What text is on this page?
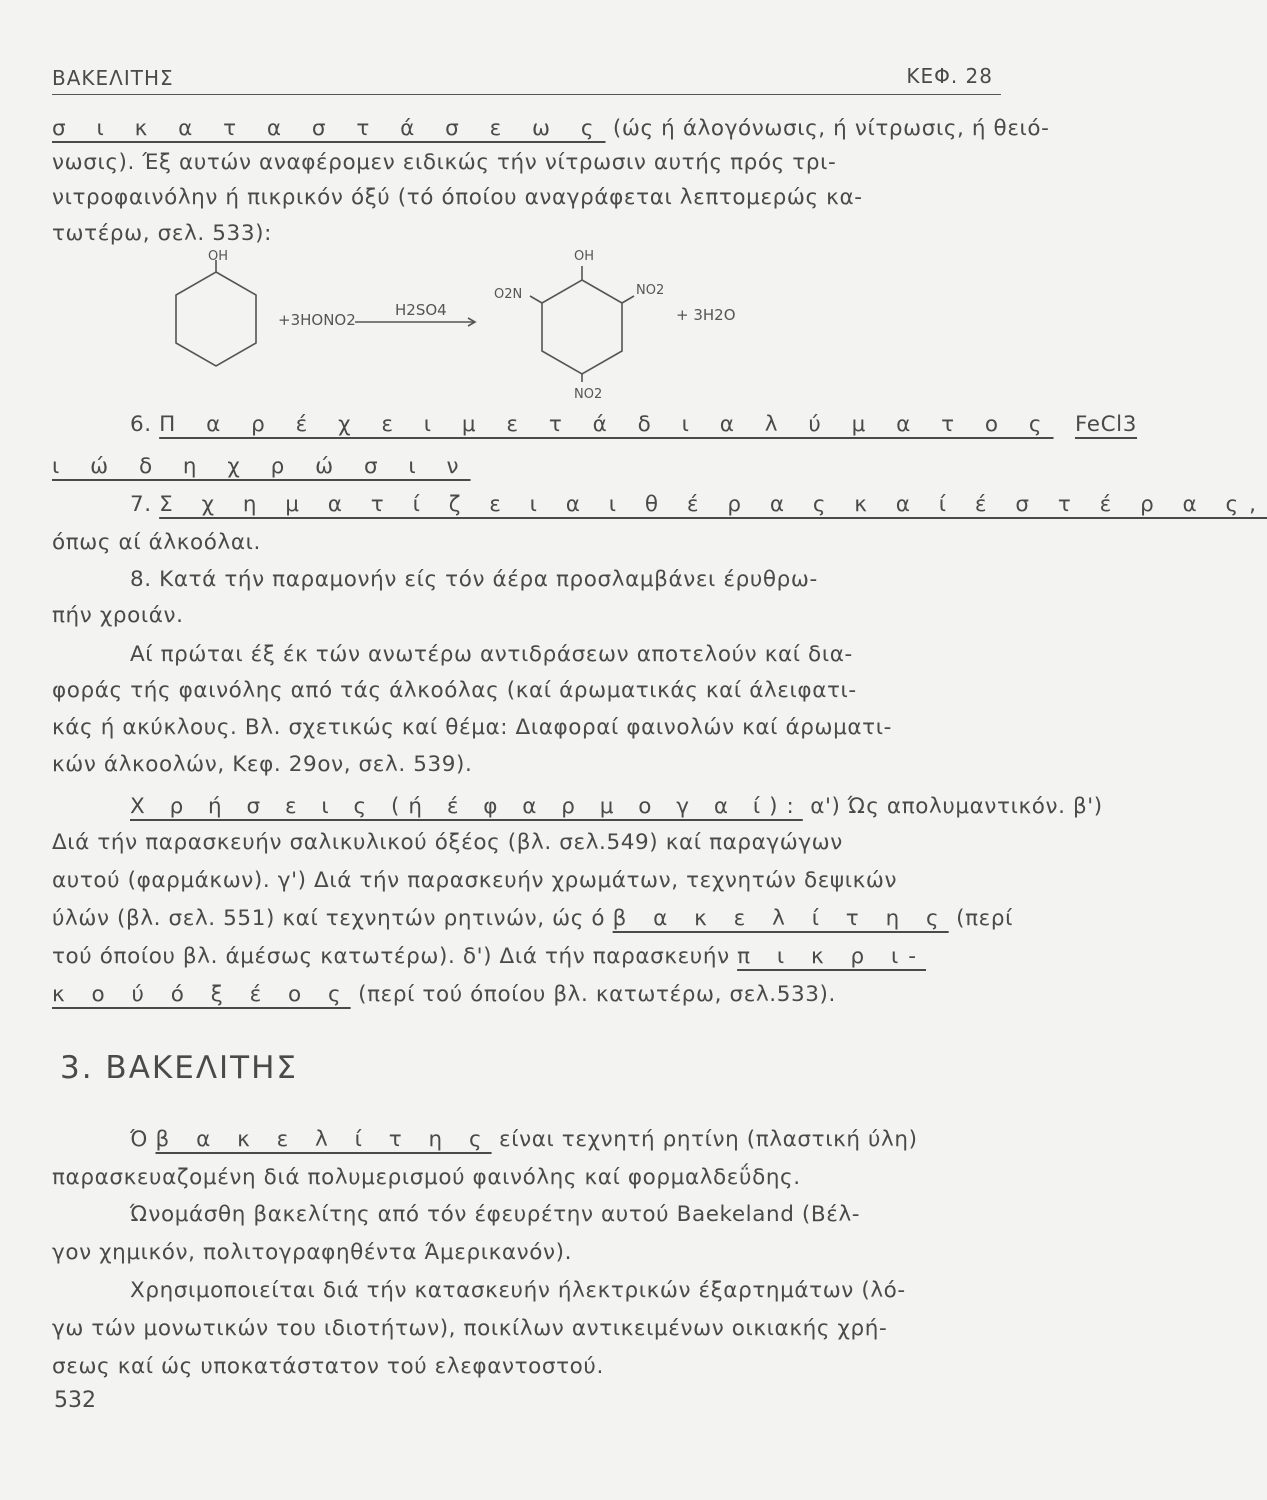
ΒΑΚΕΛΙΤΗΣ	ΚΕΦ. 28
σ ι κ α τ α σ τ ά σ ε ω ς (ώς ή άλογόνωσις, ή νίτρωσις, ή θειό-
νωσις). Έξ αυτών αναφέρομεν ειδικώς τήν νίτρωσιν αυτής πρός τρι-
νιτροφαινόλην ή πικρικόν όξύ (τό όποίου αναγράφεται λεπτομερώς κα-
τωτέρω, σελ. 533):
OH
+3HONO2
H2SO4
OH
O2N	NO2
NO2
+ 3H2O
6. Π α ρ έ χ ε ι μ ε τ ά δ ι α λ ύ μ α τ ο ς FeCl3
ι ώ δ η χ ρ ώ σ ι ν
7. Σ χ η μ α τ ί ζ ε ι α ι θ έ ρ α ς κ α ί έ σ τ έ ρ α ς,
όπως αί άλκοόλαι.
8. Κατά τήν παραμονήν είς τόν άέρα προσλαμβάνει έρυθρω-
πήν χροιάν.
Αί πρώται έξ έκ τών ανωτέρω αντιδράσεων αποτελούν καί δια-
φοράς τής φαινόλης από τάς άλκοόλας (καί άρωματικάς καί άλειφατι-
κάς ή ακύκλους. Βλ. σχετικώς καί θέμα: Διαφοραί φαινολών καί άρωματι-
κών άλκοολών, Κεφ. 29ον, σελ. 539).
Χ ρ ή σ ε ι ς (ή έ φ α ρ μ ο γ α ί): α') Ώς απολυμαντικόν. β')
Διά τήν παρασκευήν σαλικυλικού όξέος (βλ. σελ.549) καί παραγώγων
αυτού (φαρμάκων). γ') Διά τήν παρασκευήν χρωμάτων, τεχνητών δεψικών
ύλών (βλ. σελ. 551) καί τεχνητών ρητινών, ώς ό β α κ ε λ ί τ η ς (περί
τού όποίου βλ. άμέσως κατωτέρω). δ') Διά τήν παρασκευήν π ι κ ρ ι-
κ ο ύ ό ξ έ ο ς (περί τού όποίου βλ. κατωτέρω, σελ.533).
3. ΒΑΚΕΛΙΤΗΣ
Ό β α κ ε λ ί τ η ς είναι τεχνητή ρητίνη (πλαστική ύλη)
παρασκευαζομένη διά πολυμερισμού φαινόλης καί φορμαλδεΰδης.
Ώνομάσθη βακελίτης από τόν έφευρέτην αυτού Baekeland (Βέλ-
γον χημικόν, πολιτογραφηθέντα Άμερικανόν).
Χρησιμοποιείται διά τήν κατασκευήν ήλεκτρικών έξαρτημάτων (λό-
γω τών μονωτικών του ιδιοτήτων), ποικίλων αντικειμένων οικιακής χρή-
σεως καί ώς υποκατάστατον τού ελεφαντοστού.
532
